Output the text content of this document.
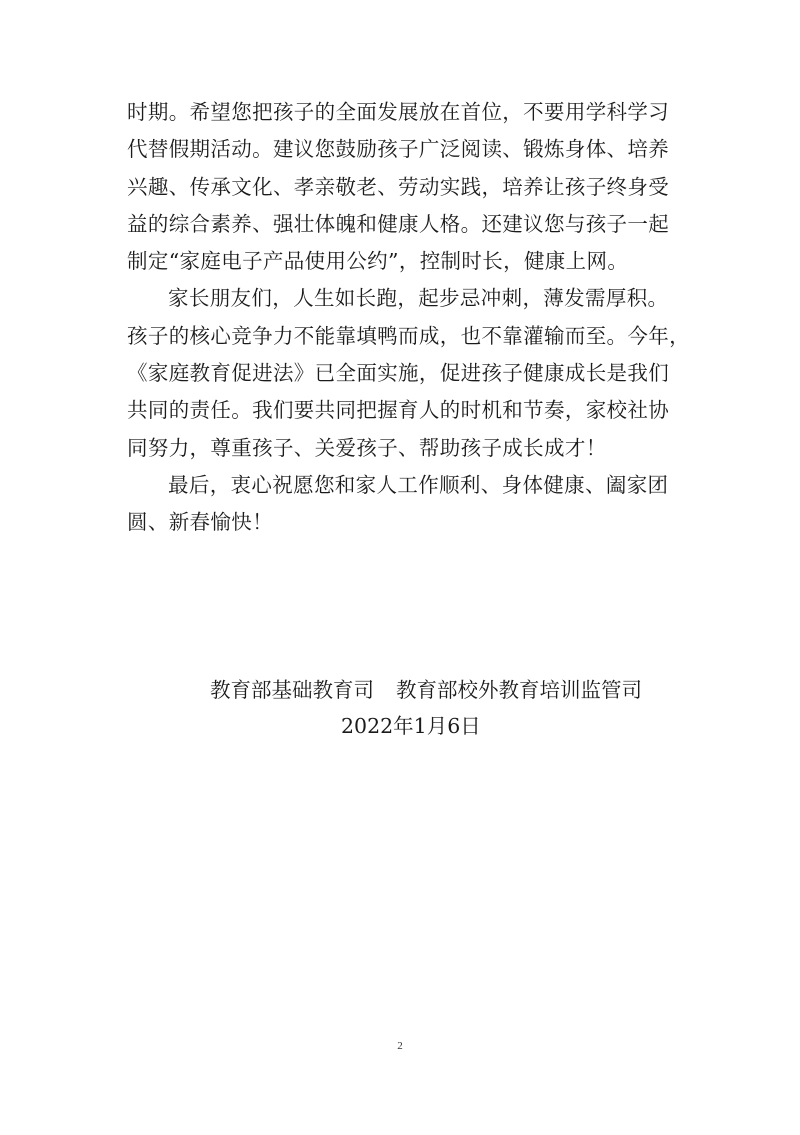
时期。希望您把孩子的全面发展放在首位，不要用学科学习
代替假期活动。建议您鼓励孩子广泛阅读、锻炼身体、培养
兴趣、传承文化、孝亲敬老、劳动实践，培养让孩子终身受
益的综合素养、强壮体魄和健康人格。还建议您与孩子一起
制定“家庭电子产品使用公约”，控制时长，健康上网。
家长朋友们，人生如长跑，起步忌冲刺，薄发需厚积。
孩子的核心竞争力不能靠填鸭而成，也不靠灌输而至。今年，
《家庭教育促进法》已全面实施，促进孩子健康成长是我们
共同的责任。我们要共同把握育人的时机和节奏，家校社协
同努力，尊重孩子、关爱孩子、帮助孩子成长成才！
最后，衷心祝愿您和家人工作顺利、身体健康、阖家团
圆、新春愉快！
教育部基础教育司 教育部校外教育培训监管司
2022年1月6日
2
